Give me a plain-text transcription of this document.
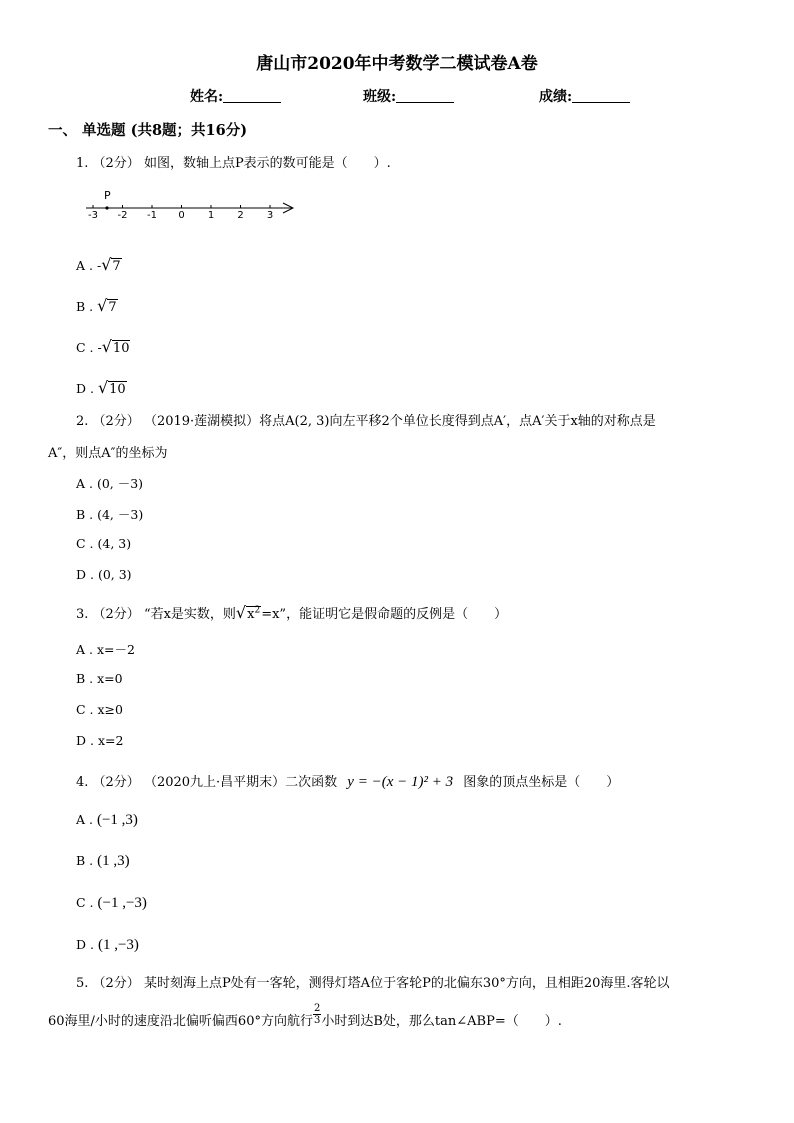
唐山市2020年中考数学二模试卷A卷
姓名:	班级:	成绩:
一、 单选题 (共8题；共16分)
1. （2分） 如图，数轴上点P表示的数可能是（　　）.
P
-3 -2 -1 0 1 2 3
A . -√7
B . √7
C . -√10
D . √10
2. （2分） （2019·莲湖模拟）将点A(2, 3)向左平移2个单位长度得到点A′，点A′关于x轴的对称点是
A″，则点A″的坐标为
A . (0, －3)
B . (4, －3)
C . (4, 3)
D . (0, 3)
3. （2分） “若x是实数，则$√x^2=x$”，能证明它是假命题的反例是（　　）
A . x=－2
B . x=0
C . x≥0
D . x=2
4. （2分） （2020九上·昌平期末）二次函数 y = −(x − 1)² + 3 图象的顶点坐标是（　　）
A . (−1 ,3)
B . (1 ,3)
C . (−1 ,−3)
D . (1 ,−3)
5. （2分） 某时刻海上点P处有一客轮，测得灯塔A位于客轮P的北偏东30°方向，且相距20海里.客轮以
60海里/小时的速度沿北偏听偏西60°方向航行 $\frac{2}{3}$ 小时到达B处，那么tan∠ABP=（　　）.
